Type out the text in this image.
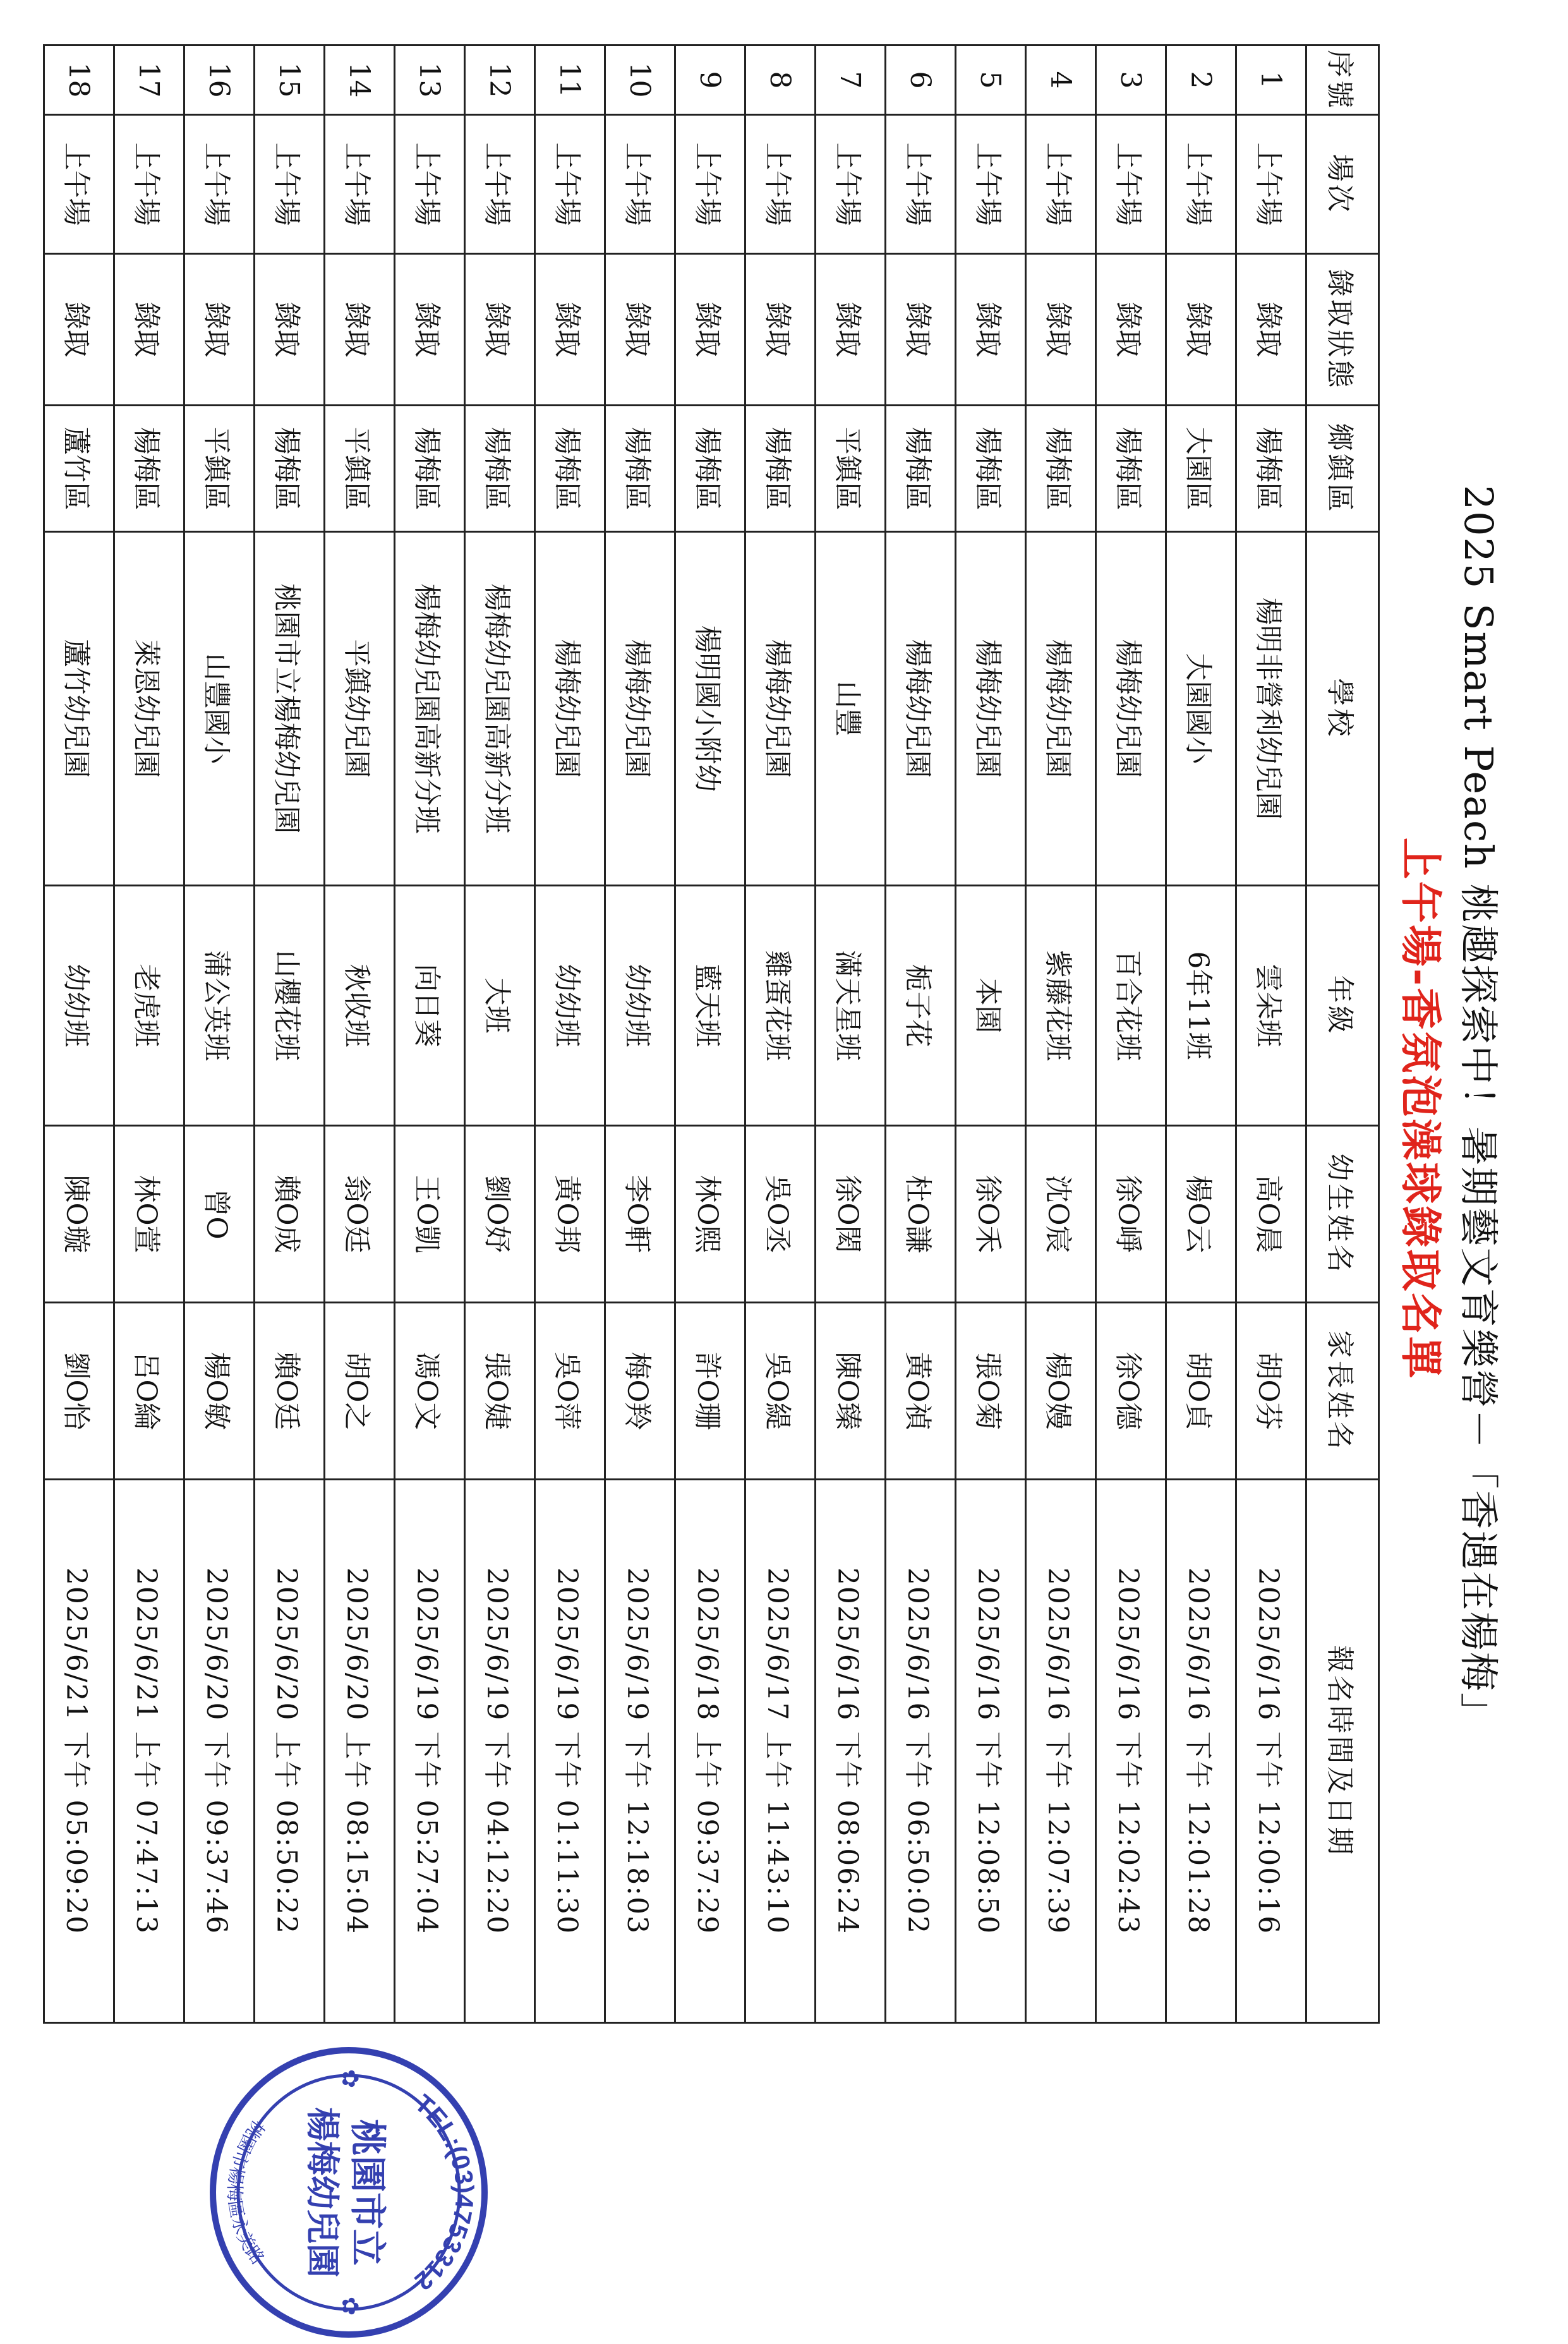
2025 Smart Peach 桃趣探索中！暑期藝文育樂營－「香遇在楊梅」
上午場-香氛泡澡球錄取名單
序號	場次	錄取狀態	鄉鎮區	學校	年級	幼生姓名	家長姓名	報名時間及日期
1	上午場	錄取	楊梅區	楊明非營利幼兒園	雲朵班	高O晨	胡O芬	2025/6/16 下午 12:00:16
2	上午場	錄取	大園區	大園國小	6年11班	楊O云	胡O貞	2025/6/16 下午 12:01:28
3	上午場	錄取	楊梅區	楊梅幼兒園	百合花班	徐O崢	徐O德	2025/6/16 下午 12:02:43
4	上午場	錄取	楊梅區	楊梅幼兒園	紫藤花班	沈O宸	楊O嫚	2025/6/16 下午 12:07:39
5	上午場	錄取	楊梅區	楊梅幼兒園	本園	徐O禾	張O菊	2025/6/16 下午 12:08:50
6	上午場	錄取	楊梅區	楊梅幼兒園	栀子花	杜O謙	黃O禎	2025/6/16 下午 06:50:02
7	上午場	錄取	平鎮區	山豐	滿天星班	徐O閎	陳O臻	2025/6/16 下午 08:06:24
8	上午場	錄取	楊梅區	楊梅幼兒園	雞蛋花班	吳O丞	吳O緹	2025/6/17 上午 11:43:10
9	上午場	錄取	楊梅區	楊明國小附幼	藍天班	林O熙	許O珊	2025/6/18 上午 09:37:29
10	上午場	錄取	楊梅區	楊梅幼兒園	幼幼班	李O軒	梅O羚	2025/6/19 下午 12:18:03
11	上午場	錄取	楊梅區	楊梅幼兒園	幼幼班	黃O邦	吳O萍	2025/6/19 下午 01:11:30
12	上午場	錄取	楊梅區	楊梅幼兒園高新分班	大班	劉O妤	張O婕	2025/6/19 下午 04:12:20
13	上午場	錄取	楊梅區	楊梅幼兒園高新分班	向日葵	王O凱	馮O文	2025/6/19 下午 05:27:04
14	上午場	錄取	平鎮區	平鎮幼兒園	秋收班	翁O廷	胡O之	2025/6/20 上午 08:15:04
15	上午場	錄取	楊梅區	桃園市立楊梅幼兒園	山櫻花班	賴O成	賴O廷	2025/6/20 上午 08:50:22
16	上午場	錄取	平鎮區	山豐國小	蒲公英班	曾O	楊O敏	2025/6/20 下午 09:37:46
17	上午場	錄取	楊梅區	萊恩幼兒園	老虎班	林O萱	呂O綸	2025/6/21 上午 07:47:13
18	上午場	錄取	蘆竹區	蘆竹幼兒園	幼幼班	陳O璇	劉O怡	2025/6/21 下午 05:09:20
TEL:(03)4753312
桃園市楊梅區永美路 桃園市立
楊梅幼兒園
✿
✿
